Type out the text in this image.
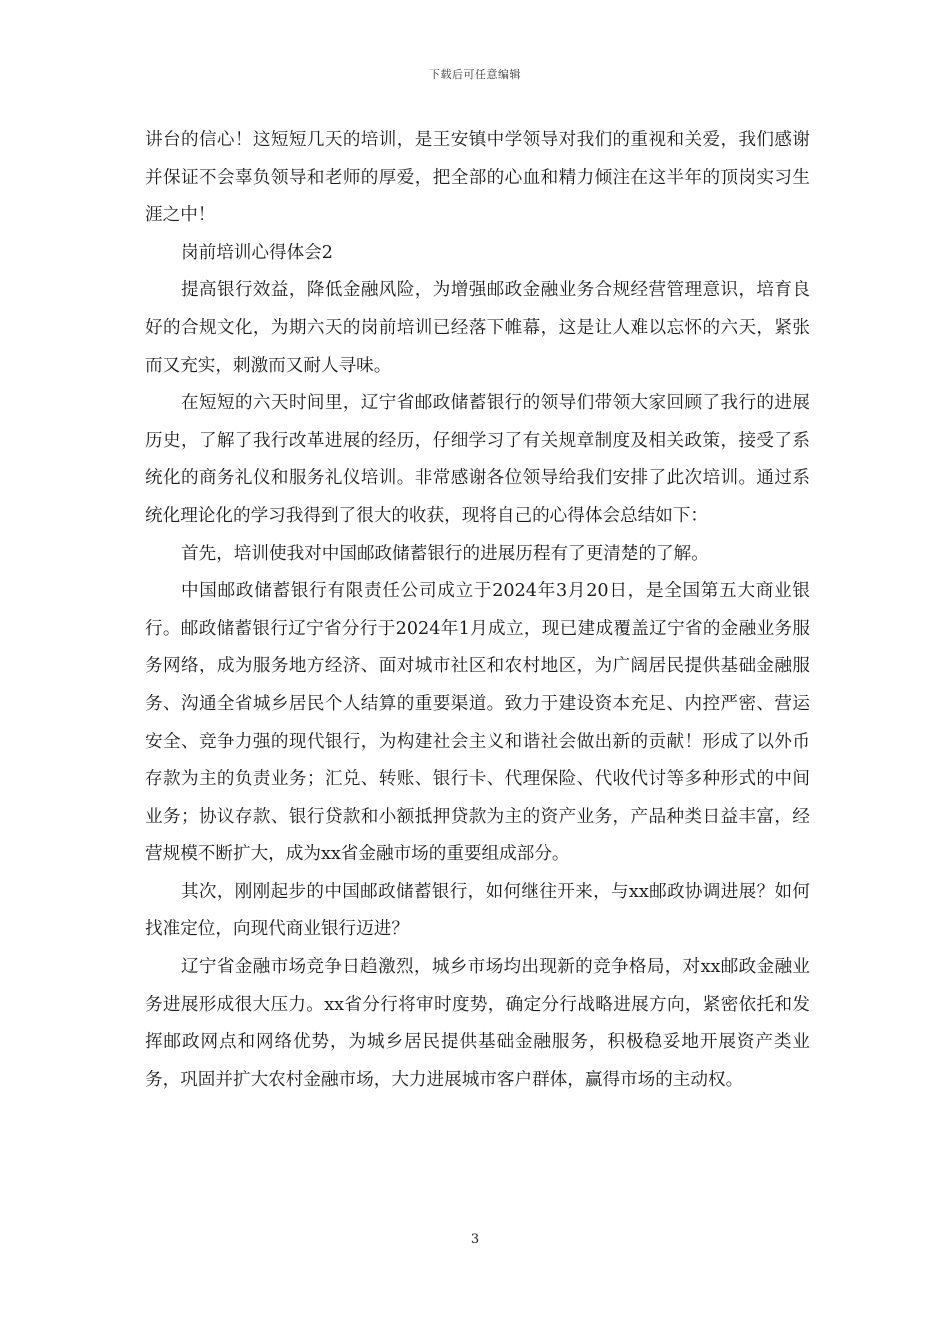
下载后可任意编辑

讲台的信心！这短短几天的培训，是王安镇中学领导对我们的重视和关爱，我们感谢并保证不会辜负领导和老师的厚爱，把全部的心血和精力倾注在这半年的顶岗实习生涯之中！

岗前培训心得体会2

提高银行效益，降低金融风险，为增强邮政金融业务合规经营管理意识，培育良好的合规文化，为期六天的岗前培训已经落下帷幕，这是让人难以忘怀的六天，紧张而又充实，刺激而又耐人寻味。

在短短的六天时间里，辽宁省邮政储蓄银行的领导们带领大家回顾了我行的进展历史，了解了我行改革进展的经历，仔细学习了有关规章制度及相关政策，接受了系统化的商务礼仪和服务礼仪培训。非常感谢各位领导给我们安排了此次培训。通过系统化理论化的学习我得到了很大的收获，现将自己的心得体会总结如下：

首先，培训使我对中国邮政储蓄银行的进展历程有了更清楚的了解。

中国邮政储蓄银行有限责任公司成立于2024年3月20日，是全国第五大商业银行。邮政储蓄银行辽宁省分行于2024年1月成立，现已建成覆盖辽宁省的金融业务服务网络，成为服务地方经济、面对城市社区和农村地区，为广阔居民提供基础金融服务、沟通全省城乡居民个人结算的重要渠道。致力于建设资本充足、内控严密、营运安全、竞争力强的现代银行，为构建社会主义和谐社会做出新的贡献！形成了以外币存款为主的负责业务；汇兑、转账、银行卡、代理保险、代收代讨等多种形式的中间业务；协议存款、银行贷款和小额抵押贷款为主的资产业务，产品种类日益丰富，经营规模不断扩大，成为xx省金融市场的重要组成部分。

其次，刚刚起步的中国邮政储蓄银行，如何继往开来，与xx邮政协调进展？如何找准定位，向现代商业银行迈进？

辽宁省金融市场竞争日趋激烈，城乡市场均出现新的竞争格局，对xx邮政金融业务进展形成很大压力。xx省分行将审时度势，确定分行战略进展方向，紧密依托和发挥邮政网点和网络优势，为城乡居民提供基础金融服务，积极稳妥地开展资产类业务，巩固并扩大农村金融市场，大力进展城市客户群体，赢得市场的主动权。

3
